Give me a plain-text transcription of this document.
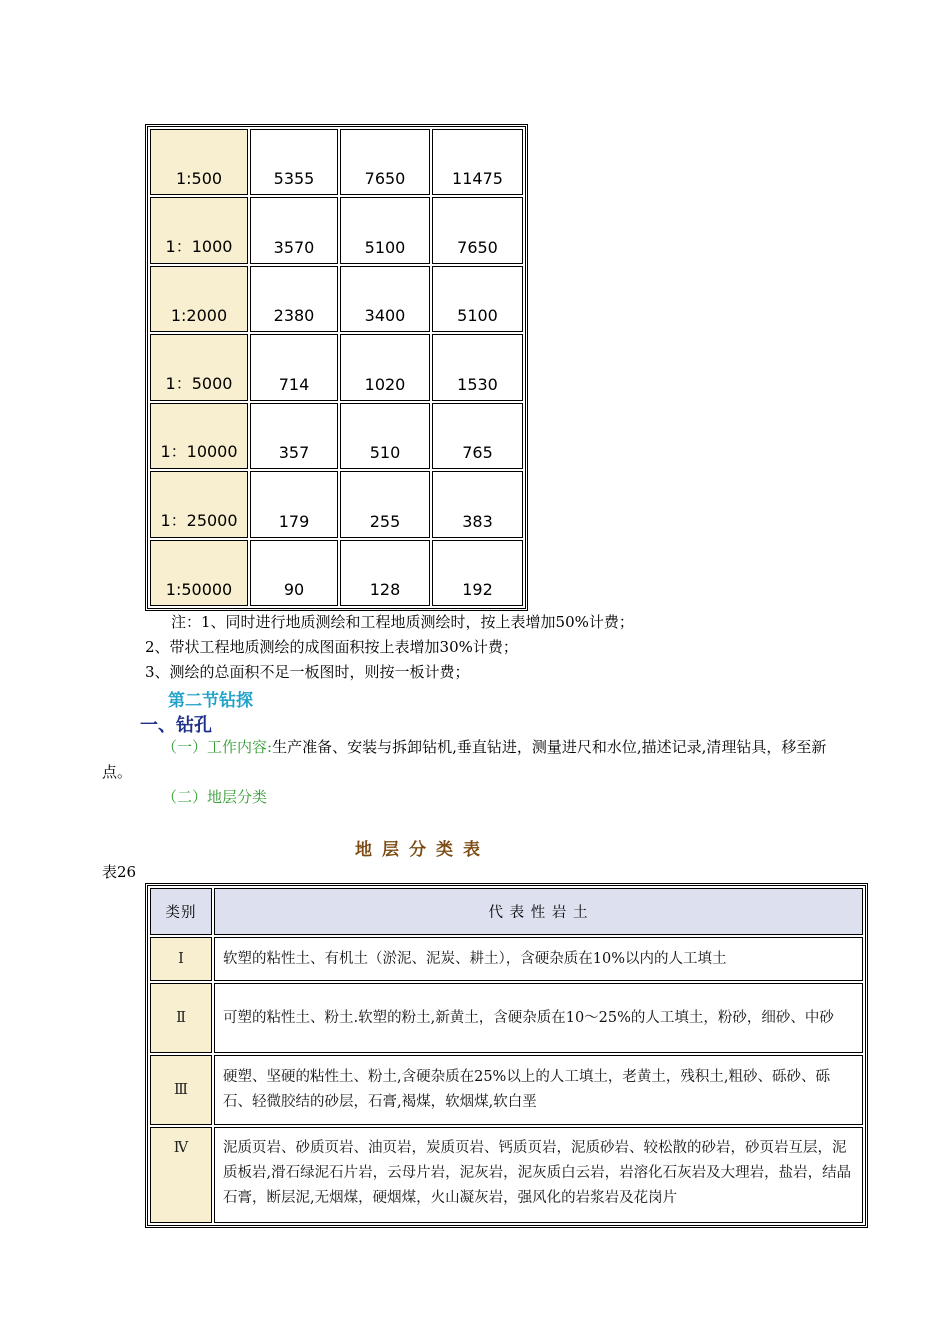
1:500	5355	7650	11475
1：1000	3570	5100	7650
1:2000	2380	3400	5100
1：5000	714	1020	1530
1：10000	357	510	765
1：25000	179	255	383
1:50000	90	128	192
注：1、同时进行地质测绘和工程地质测绘时，按上表增加50%计费；
2、带状工程地质测绘的成图面积按上表增加30%计费；
3、测绘的总面积不足一板图时，则按一板计费；
第二节钻探
一、钻孔
（一）工作内容:生产准备、安装与拆卸钻机,垂直钻进，测量进尺和水位,描述记录,清理钻具，移至新
点。
（二）地层分类
地层分类表
表26
类别	代 表 性 岩 土
Ⅰ	软塑的粘性土、有机土（淤泥、泥炭、耕土），含硬杂质在10%以内的人工填土
Ⅱ	可塑的粘性土、粉土.软塑的粉土,新黄土，含硬杂质在10～25%的人工填土，粉砂，细砂、中砂
Ⅲ	硬塑、坚硬的粘性土、粉土,含硬杂质在25%以上的人工填土，老黄土，残积土,粗砂、砾砂、砾石、轻微胶结的砂层，石膏,褐煤，软烟煤,软白垩
Ⅳ	泥质页岩、砂质页岩、油页岩，炭质页岩、钙质页岩，泥质砂岩、较松散的砂岩，砂页岩互层，泥质板岩,滑石绿泥石片岩，云母片岩，泥灰岩，泥灰质白云岩，岩溶化石灰岩及大理岩，盐岩，结晶石膏，断层泥,无烟煤，硬烟煤，火山凝灰岩，强风化的岩浆岩及花岗片
